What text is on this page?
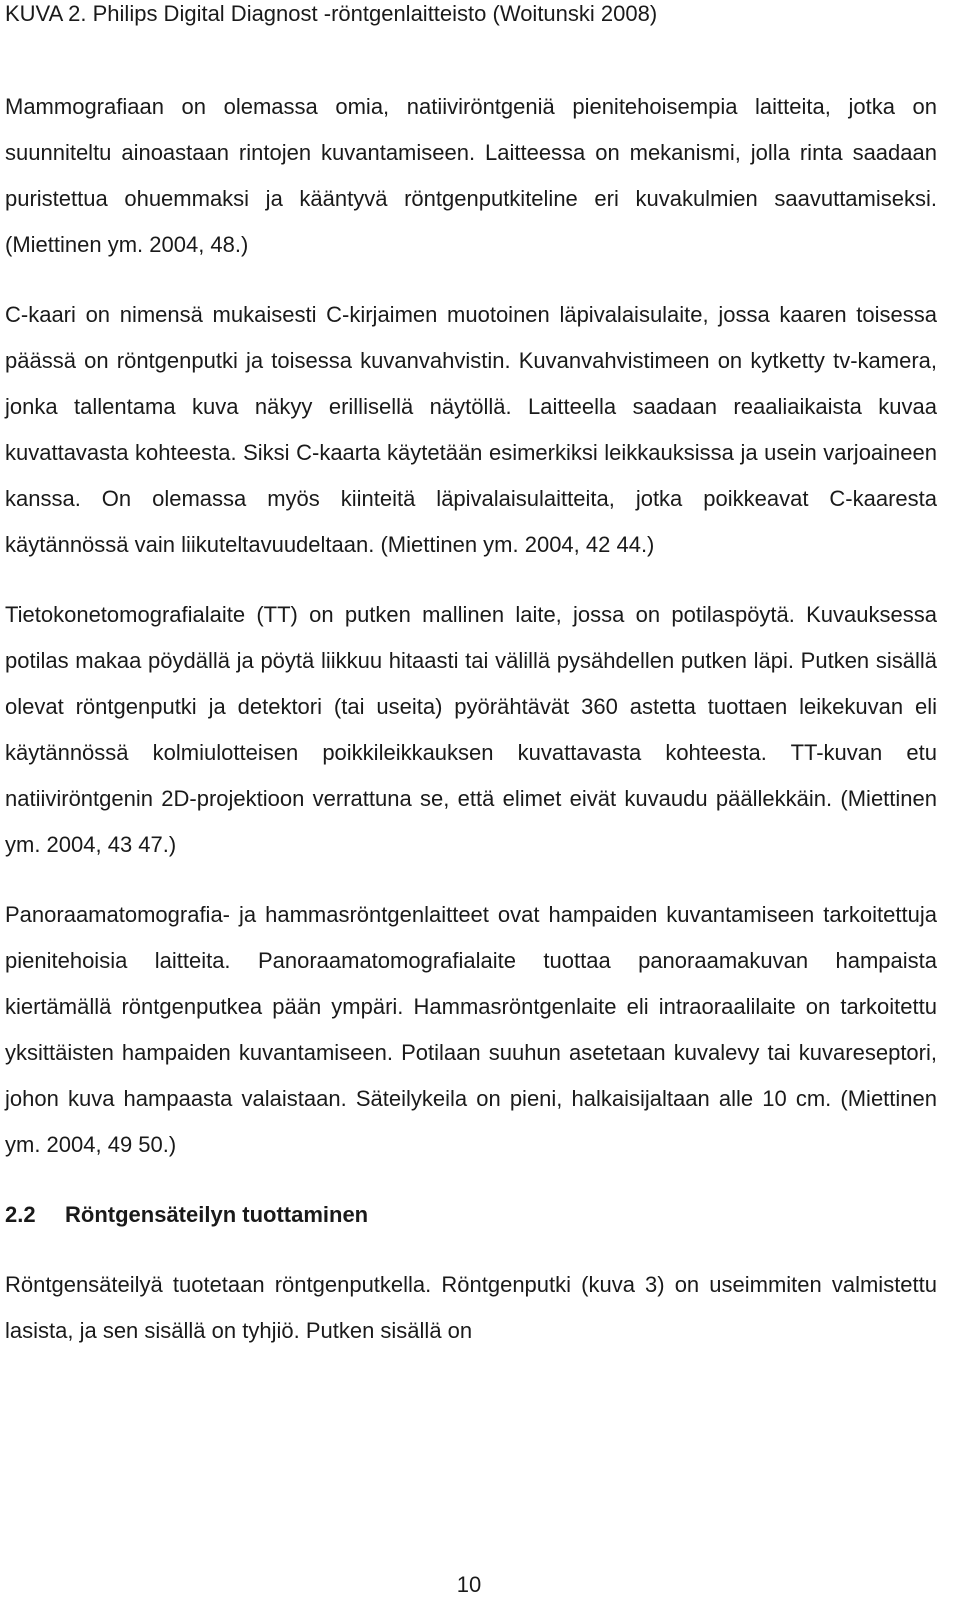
KUVA 2. Philips Digital Diagnost -röntgenlaitteisto (Woitunski 2008)

Mammografiaan on olemassa omia, natiiviröntgeniä pienitehoisempia laitteita, jotka on suunniteltu ainoastaan rintojen kuvantamiseen. Laitteessa on mekanismi, jolla rinta saadaan puristettua ohuemmaksi ja kääntyvä röntgenputkiteline eri kuvakulmien saavuttamiseksi. (Miettinen ym. 2004, 48.)

C-kaari on nimensä mukaisesti C-kirjaimen muotoinen läpivalaisulaite, jossa kaaren toisessa päässä on röntgenputki ja toisessa kuvanvahvistin. Kuvanvahvistimeen on kytketty tv-kamera, jonka tallentama kuva näkyy erillisellä näytöllä. Laitteella saadaan reaaliaikaista kuvaa kuvattavasta kohteesta. Siksi C-kaarta käytetään esimerkiksi leikkauksissa ja usein varjoaineen kanssa. On olemassa myös kiinteitä läpivalaisulaitteita, jotka poikkeavat C-kaaresta käytännössä vain liikuteltavuudeltaan. (Miettinen ym. 2004, 42 44.)

Tietokonetomografialaite (TT) on putken mallinen laite, jossa on potilaspöytä. Kuvauksessa potilas makaa pöydällä ja pöytä liikkuu hitaasti tai välillä pysähdellen putken läpi. Putken sisällä olevat röntgenputki ja detektori (tai useita) pyörähtävät 360 astetta tuottaen leikekuvan eli käytännössä kolmiulotteisen poikkileikkauksen kuvattavasta kohteesta. TT-kuvan etu natiiviröntgenin 2D-projektioon verrattuna se, että elimet eivät kuvaudu päällekkäin. (Miettinen ym. 2004, 43 47.)

Panoraamatomografia- ja hammasröntgenlaitteet ovat hampaiden kuvantamiseen tarkoitettuja pienitehoisia laitteita. Panoraamatomografialaite tuottaa panoraamakuvan hampaista kiertämällä röntgenputkea pään ympäri. Hammasröntgenlaite eli intraoraalilaite on tarkoitettu yksittäisten hampaiden kuvantamiseen. Potilaan suuhun asetetaan kuvalevy tai kuvareseptori, johon kuva hampaasta valaistaan. Säteilykeila on pieni, halkaisijaltaan alle 10 cm. (Miettinen ym. 2004, 49 50.)

2.2 Röntgensäteilyn tuottaminen

Röntgensäteilyä tuotetaan röntgenputkella. Röntgenputki (kuva 3) on useimmiten valmistettu lasista, ja sen sisällä on tyhjiö. Putken sisällä on

10
